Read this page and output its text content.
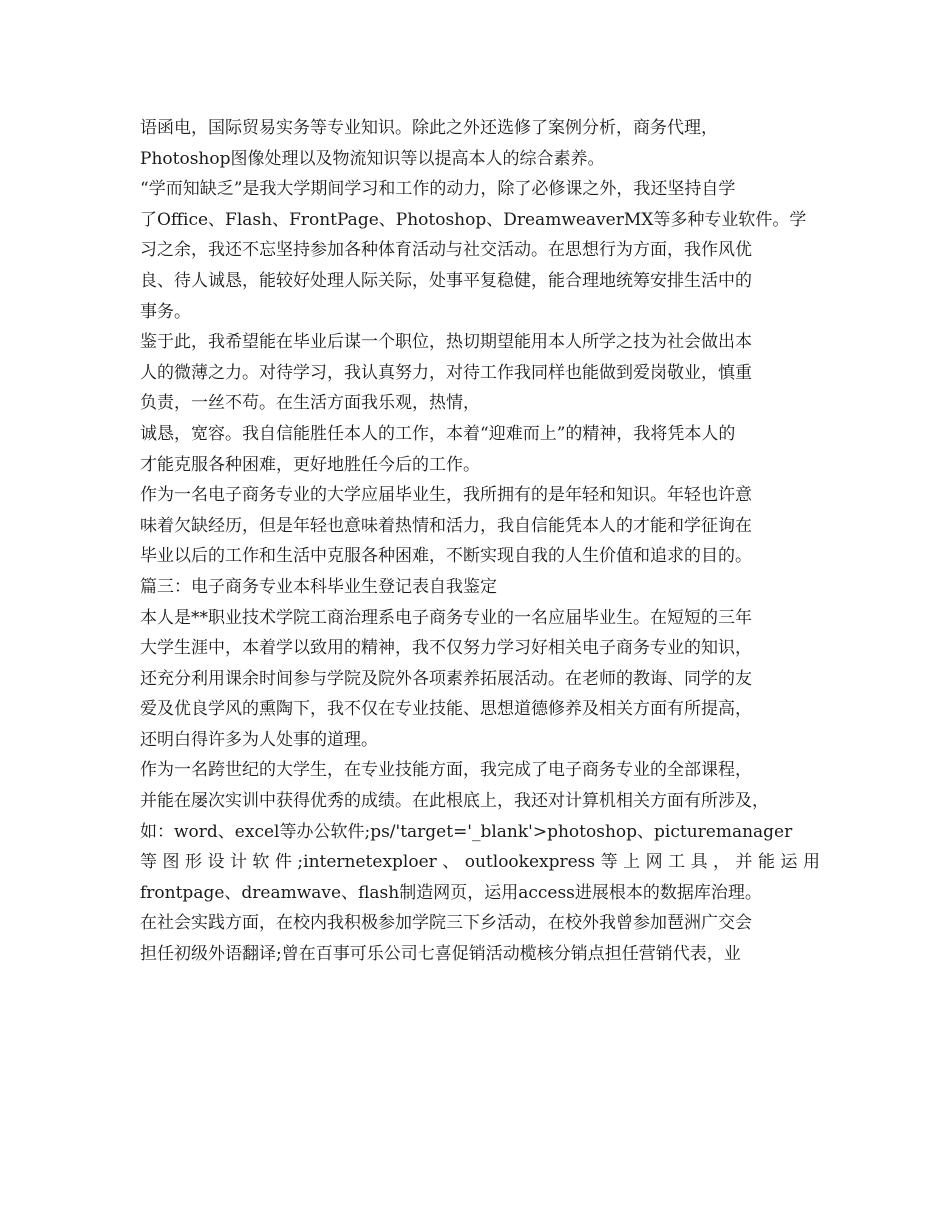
语函电，国际贸易实务等专业知识。除此之外还选修了案例分析，商务代理，
Photoshop图像处理以及物流知识等以提高本人的综合素养。
“学而知缺乏”是我大学期间学习和工作的动力，除了必修课之外，我还坚持自学
了Office、Flash、FrontPage、Photoshop、DreamweaverMX等多种专业软件。学
习之余，我还不忘坚持参加各种体育活动与社交活动。在思想行为方面，我作风优
良、待人诚恳，能较好处理人际关际，处事平复稳健，能合理地统筹安排生活中的
事务。
鉴于此，我希望能在毕业后谋一个职位，热切期望能用本人所学之技为社会做出本
人的微薄之力。对待学习，我认真努力，对待工作我同样也能做到爱岗敬业，慎重
负责，一丝不苟。在生活方面我乐观，热情，
诚恳，宽容。我自信能胜任本人的工作，本着“迎难而上”的精神，我将凭本人的
才能克服各种困难，更好地胜任今后的工作。
作为一名电子商务专业的大学应届毕业生，我所拥有的是年轻和知识。年轻也许意
味着欠缺经历，但是年轻也意味着热情和活力，我自信能凭本人的才能和学征询在
毕业以后的工作和生活中克服各种困难，不断实现自我的人生价值和追求的目的。
篇三：电子商务专业本科毕业生登记表自我鉴定
本人是**职业技术学院工商治理系电子商务专业的一名应届毕业生。在短短的三年
大学生涯中，本着学以致用的精神，我不仅努力学习好相关电子商务专业的知识，
还充分利用课余时间参与学院及院外各项素养拓展活动。在老师的教诲、同学的友
爱及优良学风的熏陶下，我不仅在专业技能、思想道德修养及相关方面有所提高，
还明白得许多为人处事的道理。
作为一名跨世纪的大学生，在专业技能方面，我完成了电子商务专业的全部课程，
并能在屡次实训中获得优秀的成绩。在此根底上，我还对计算机相关方面有所涉及，
如：word、excel等办公软件;ps/'target='_blank'>photoshop、picturemanager
等图形设计软件;internetexploer、outlookexpress等上网工具，并能运用
frontpage、dreamwave、flash制造网页，运用access进展根本的数据库治理。
在社会实践方面，在校内我积极参加学院三下乡活动，在校外我曾参加琶洲广交会
担任初级外语翻译;曾在百事可乐公司七喜促销活动榄核分销点担任营销代表，业
